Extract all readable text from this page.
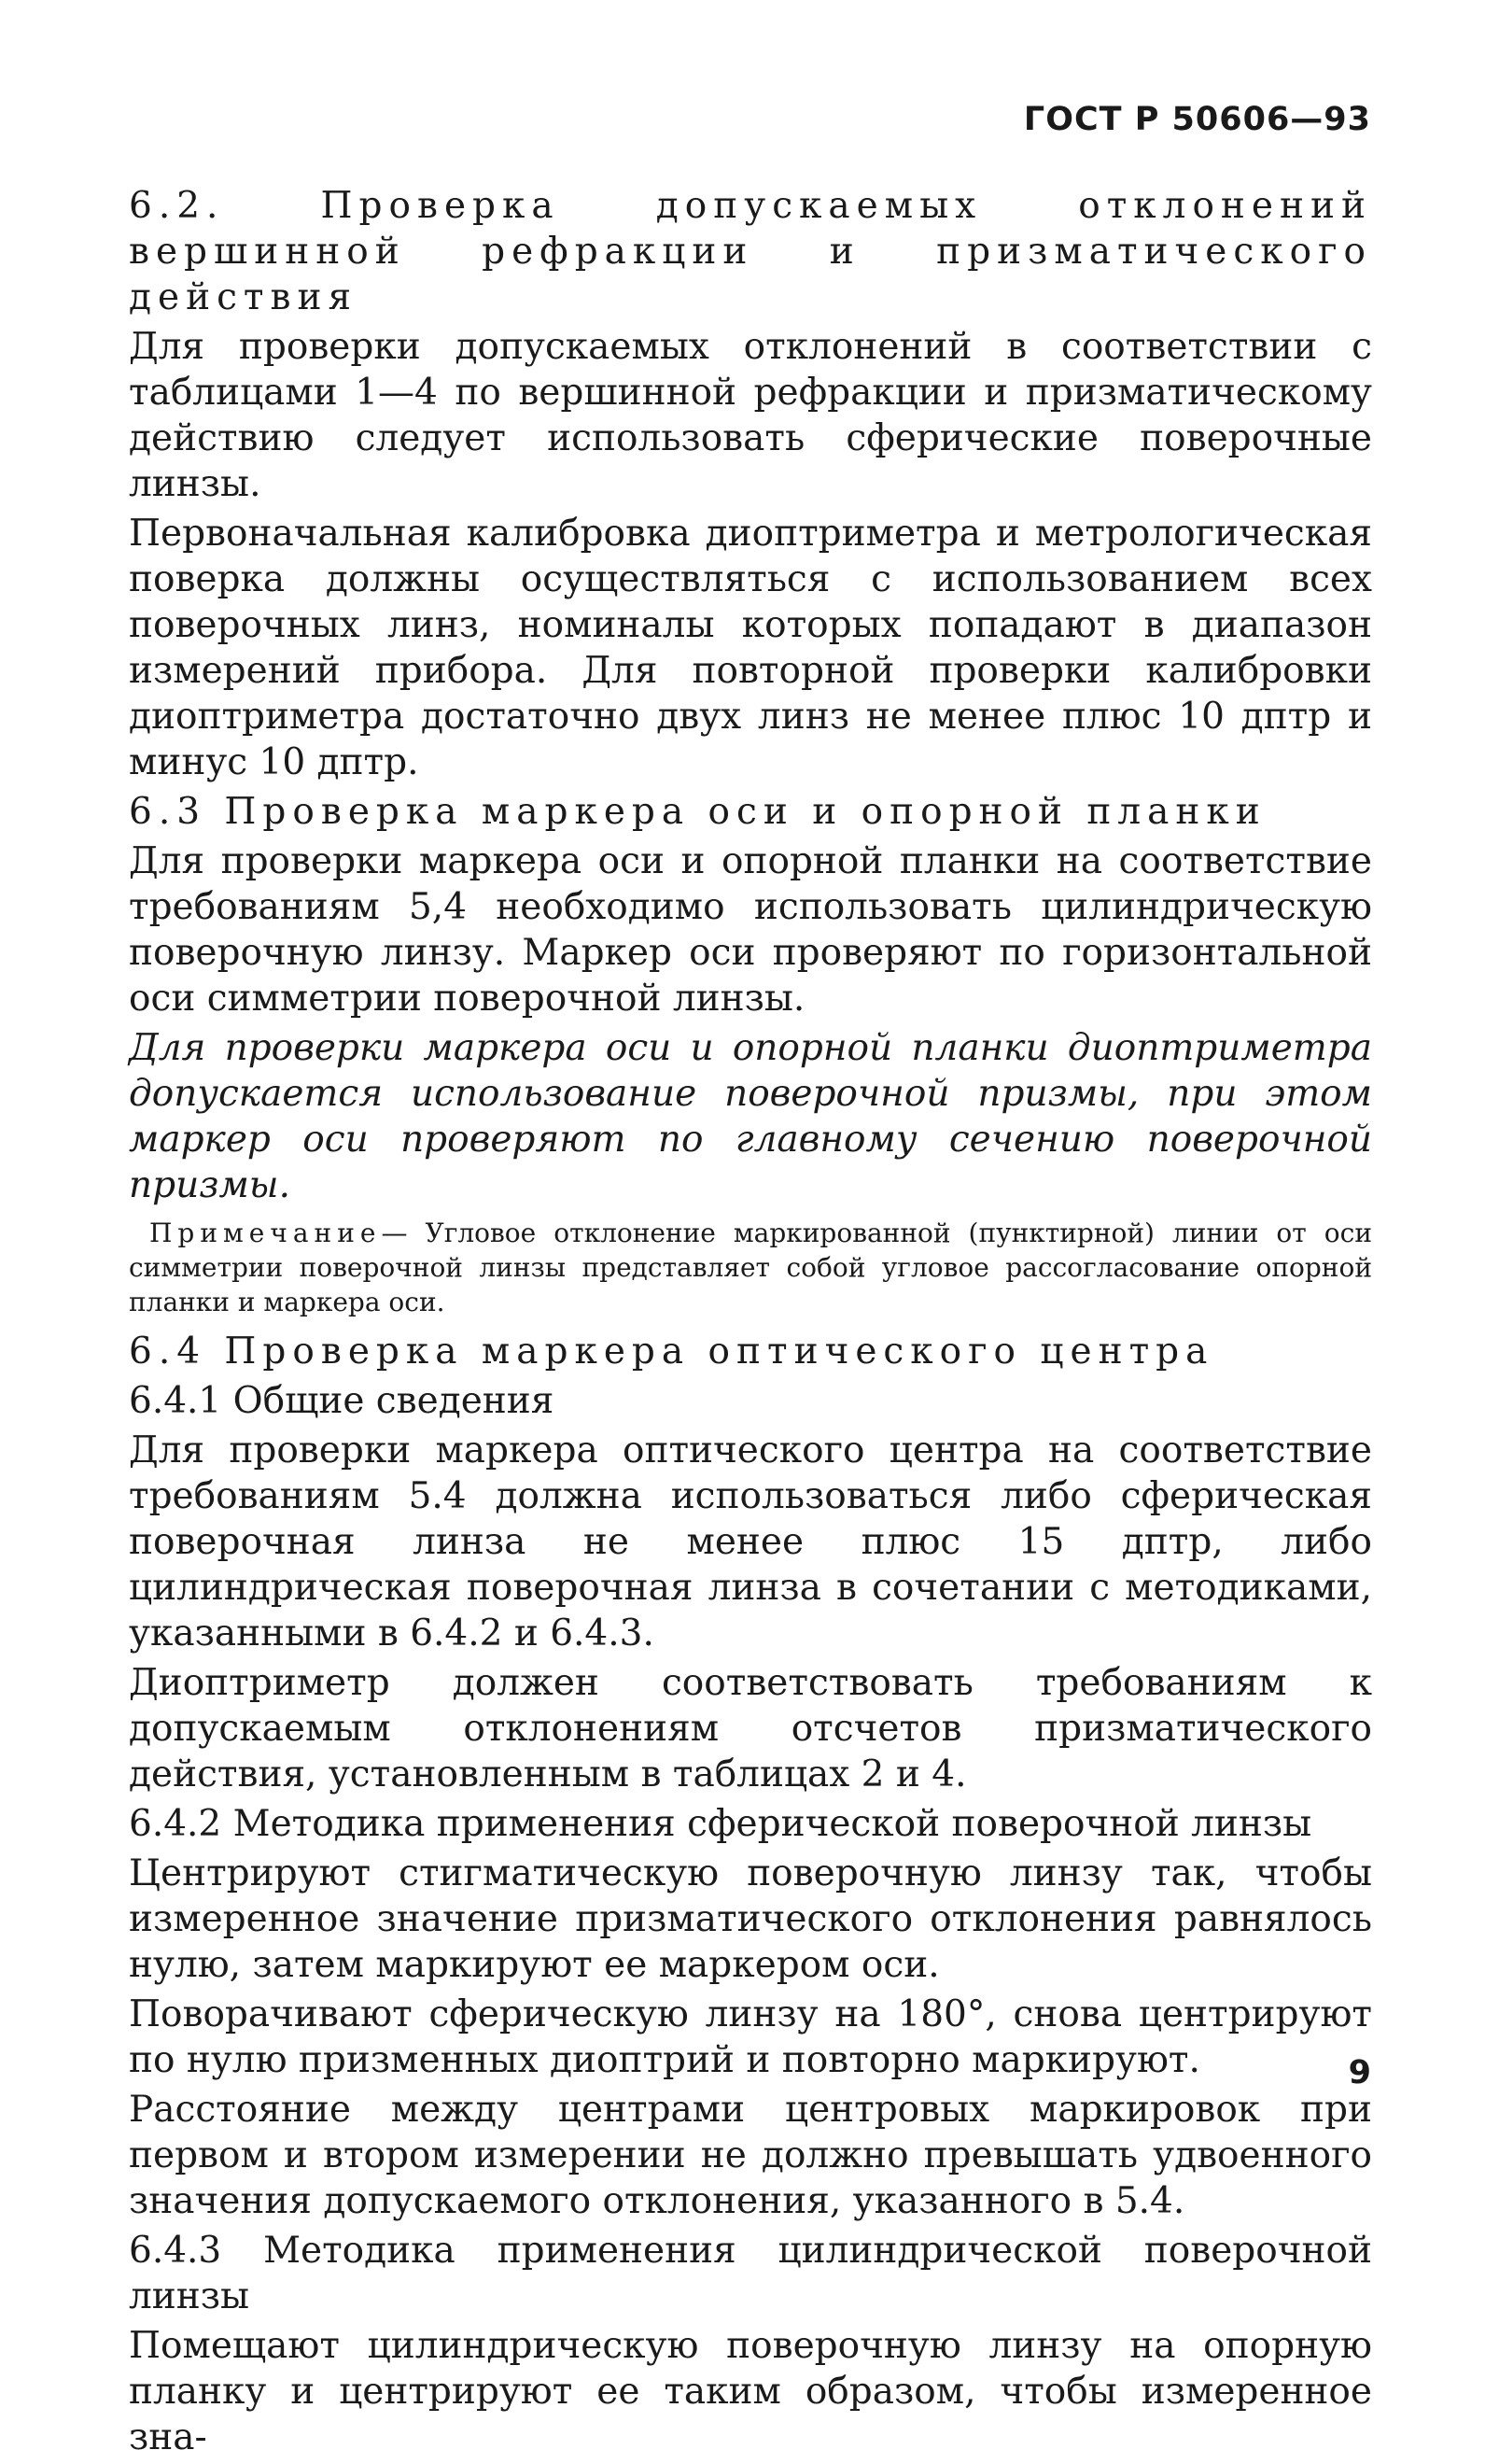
ГОСТ Р 50606—93

6.2. Проверка допускаемых отклонений вершинной рефракции и призматического действия

Для проверки допускаемых отклонений в соответствии с таблицами 1—4 по вершинной рефракции и призматическому действию следует использовать сферические поверочные линзы.

Первоначальная калибровка диоптриметра и метрологическая поверка должны осуществляться с использованием всех поверочных линз, номиналы которых попадают в диапазон измерений прибора. Для повторной проверки калибровки диоптриметра достаточно двух линз не менее плюс 10 дптр и минус 10 дптр.

6.3 Проверка маркера оси и опорной планки

Для проверки маркера оси и опорной планки на соответствие требованиям 5,4 необходимо использовать цилиндрическую поверочную линзу. Маркер оси проверяют по горизонтальной оси симметрии поверочной линзы.

Для проверки маркера оси и опорной планки диоптриметра допускается использование поверочной призмы, при этом маркер оси проверяют по главному сечению поверочной призмы.

Примечание— Угловое отклонение маркированной (пунктирной) линии от оси симметрии поверочной линзы представляет собой угловое рассогласование опорной планки и маркера оси.

6.4 Проверка маркера оптического центра

6.4.1 Общие сведения

Для проверки маркера оптического центра на соответствие требованиям 5.4 должна использоваться либо сферическая поверочная линза не менее плюс 15 дптр, либо цилиндрическая поверочная линза в сочетании с методиками, указанными в 6.4.2 и 6.4.3.

Диоптриметр должен соответствовать требованиям к допускаемым отклонениям отсчетов призматического действия, установленным в таблицах 2 и 4.

6.4.2 Методика применения сферической поверочной линзы

Центрируют стигматическую поверочную линзу так, чтобы измеренное значение призматического отклонения равнялось нулю, затем маркируют ее маркером оси.

Поворачивают сферическую линзу на 180°, снова центрируют по нулю призменных диоптрий и повторно маркируют.

Расстояние между центрами центровых маркировок при первом и втором измерении не должно превышать удвоенного значения допускаемого отклонения, указанного в 5.4.

6.4.3 Методика применения цилиндрической поверочной линзы

Помещают цилиндрическую поверочную линзу на опорную планку и центрируют ее таким образом, чтобы измеренное зна-

9
